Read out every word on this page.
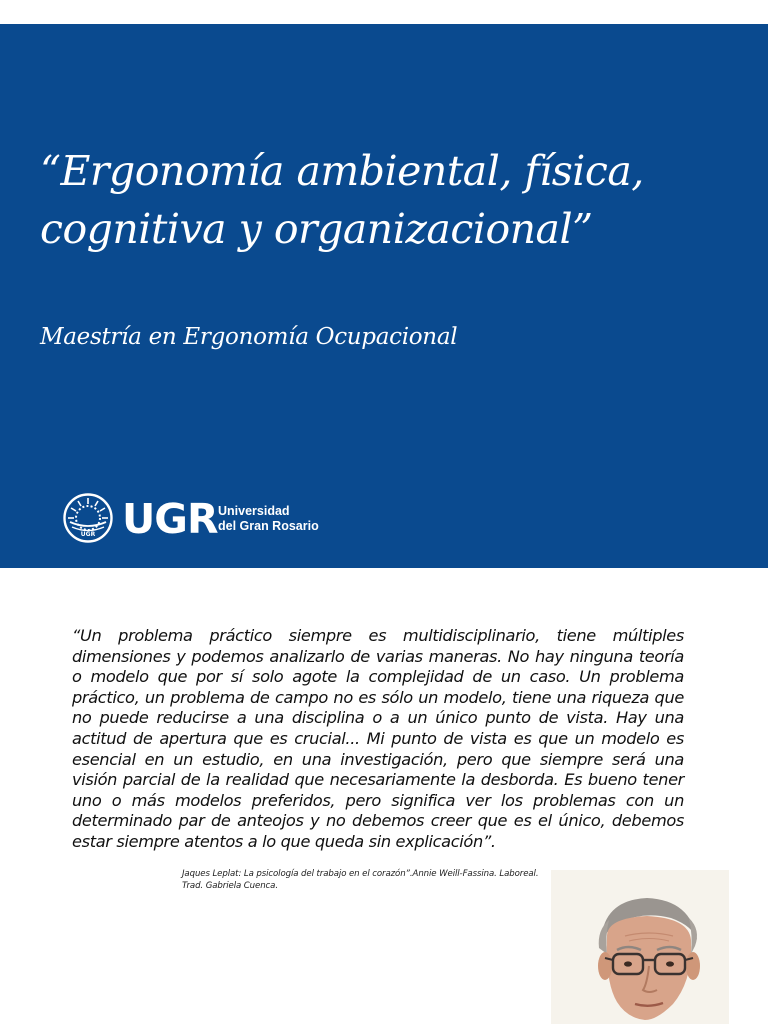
“Ergonomía ambiental, física, cognitiva y organizacional”
Maestría en Ergonomía Ocupacional
UGR UGR Universidad
del Gran Rosario

“Un problema práctico siempre es multidisciplinario, tiene múltiples dimensiones y podemos analizarlo de varias maneras. No hay ninguna teoría o modelo que por sí solo agote la complejidad de un caso. Un problema práctico, un problema de campo no es sólo un modelo, tiene una riqueza que no puede reducirse a una disciplina o a un único punto de vista. Hay una actitud de apertura que es crucial... Mi punto de vista es que un modelo es esencial en un estudio, en una investigación, pero que siempre será una visión parcial de la realidad que necesariamente la desborda. Es bueno tener uno o más modelos preferidos, pero significa ver los problemas con un determinado par de anteojos y no debemos creer que es el único, debemos estar siempre atentos a lo que queda sin explicación”.

Jaques Leplat: La psicología del trabajo en el corazón”.Annie Weill-Fassina. Laboreal. Trad. Gabriela Cuenca.
